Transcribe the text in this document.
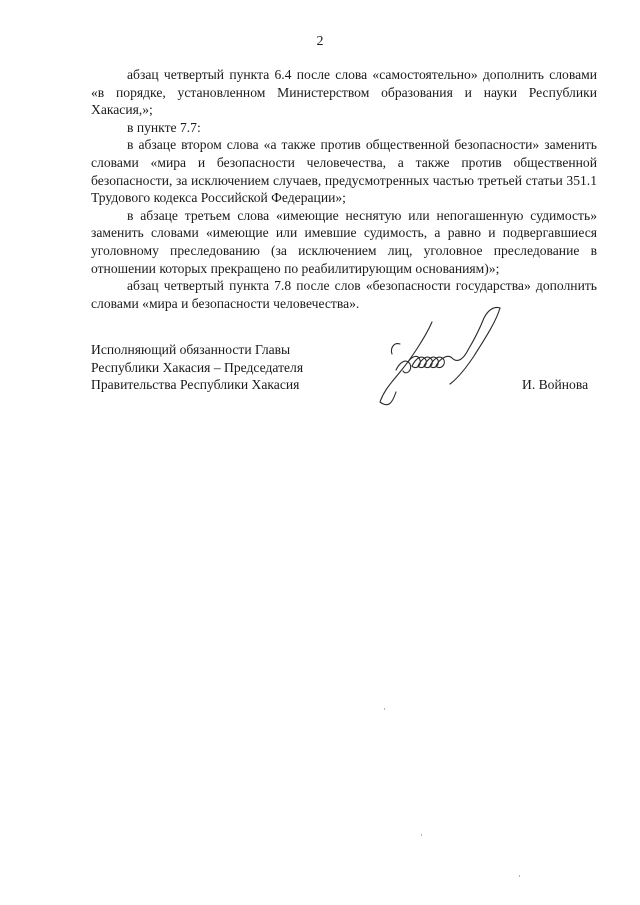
2

абзац четвертый пункта 6.4 после слова «самостоятельно» дополнить словами «в порядке, установленном Министерством образования и науки Республики Хакасия,»;

в пункте 7.7:

в абзаце втором слова «а также против общественной безопасности» заменить словами «мира и безопасности человечества, а также против общественной безопасности, за исключением случаев, предусмотренных частью третьей статьи 351.1 Трудового кодекса Российской Федерации»;

в абзаце третьем слова «имеющие неснятую или непогашенную судимость» заменить словами «имеющие или имевшие судимость, а равно и подвергавшиеся уголовному преследованию (за исключением лиц, уголовное преследование в отношении которых прекращено по реабилитирующим основаниям)»;

абзац четвертый пункта 7.8 после слов «безопасности государства» дополнить словами «мира и безопасности человечества».

Исполняющий обязанности Главы
Республики Хакасия – Председателя
Правительства Республики Хакасия	И. Войнова
